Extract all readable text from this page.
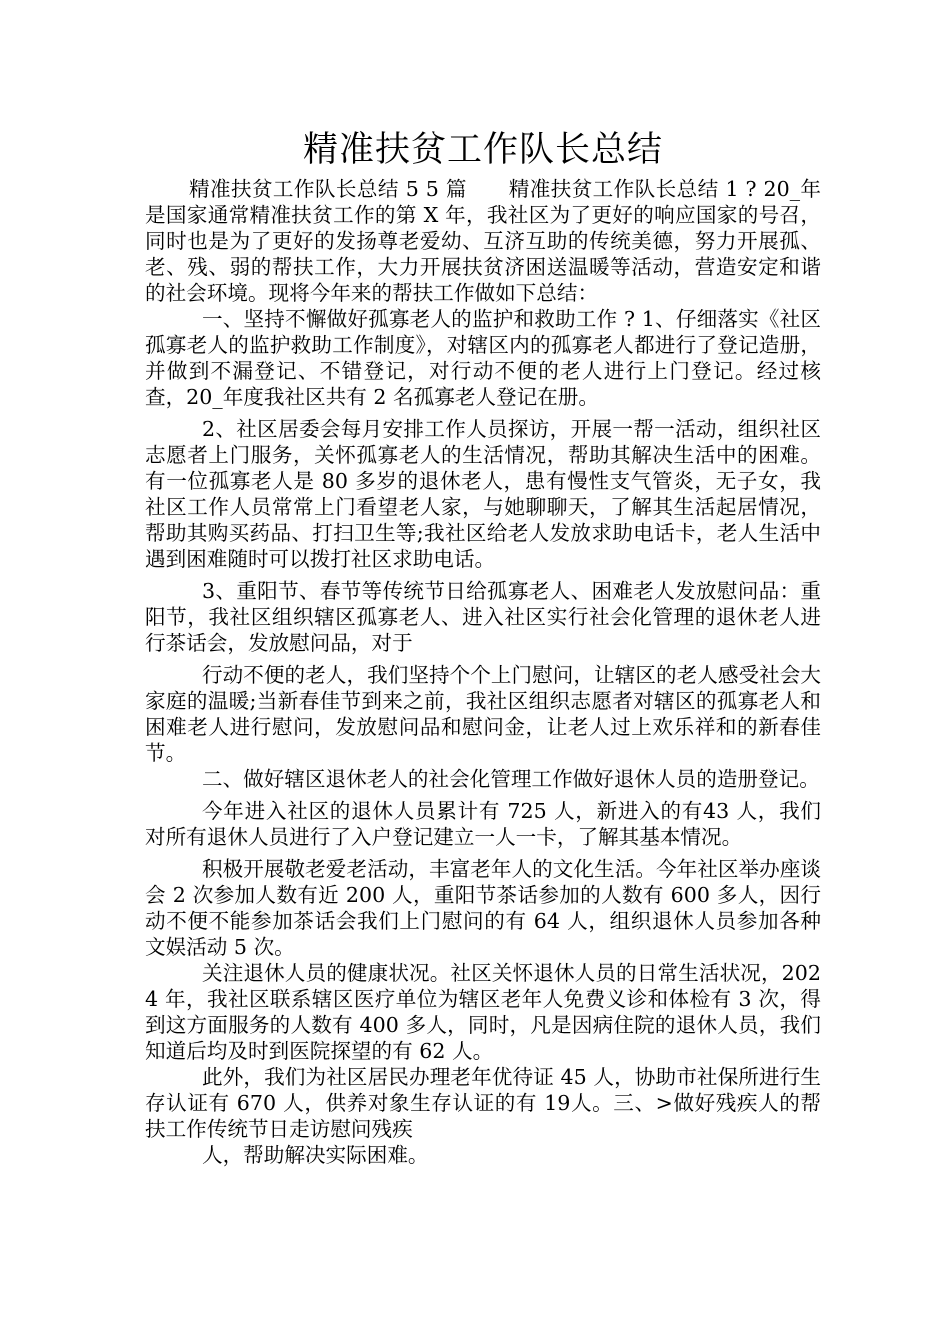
精准扶贫工作队长总结

精准扶贫工作队长总结 5 5 篇　　精准扶贫工作队长总结 1 ? 20_年是国家通常精准扶贫工作的第 X 年，我社区为了更好的响应国家的号召，同时也是为了更好的发扬尊老爱幼、互济互助的传统美德，努力开展孤、老、残、弱的帮扶工作，大力开展扶贫济困送温暖等活动，营造安定和谐的社会环境。现将今年来的帮扶工作做如下总结：

一、坚持不懈做好孤寡老人的监护和救助工作 ? 1、仔细落实《社区孤寡老人的监护救助工作制度》，对辖区内的孤寡老人都进行了登记造册，并做到不漏登记、不错登记，对行动不便的老人进行上门登记。经过核查，20_年度我社区共有 2 名孤寡老人登记在册。

2、社区居委会每月安排工作人员探访，开展一帮一活动，组织社区志愿者上门服务，关怀孤寡老人的生活情况，帮助其解决生活中的困难。有一位孤寡老人是 80 多岁的退休老人，患有慢性支气管炎，无子女，我社区工作人员常常上门看望老人家，与她聊聊天，了解其生活起居情况，帮助其购买药品、打扫卫生等;我社区给老人发放求助电话卡，老人生活中遇到困难随时可以拨打社区求助电话。

3、重阳节、春节等传统节日给孤寡老人、困难老人发放慰问品：重阳节，我社区组织辖区孤寡老人、进入社区实行社会化管理的退休老人进行茶话会，发放慰问品，对于

行动不便的老人，我们坚持个个上门慰问，让辖区的老人感受社会大家庭的温暖;当新春佳节到来之前，我社区组织志愿者对辖区的孤寡老人和困难老人进行慰问，发放慰问品和慰问金，让老人过上欢乐祥和的新春佳节。

二、做好辖区退休老人的社会化管理工作做好退休人员的造册登记。

今年进入社区的退休人员累计有 725 人，新进入的有43 人，我们对所有退休人员进行了入户登记建立一人一卡，了解其基本情况。

积极开展敬老爱老活动，丰富老年人的文化生活。今年社区举办座谈会 2 次参加人数有近 200 人，重阳节茶话参加的人数有 600 多人，因行动不便不能参加茶话会我们上门慰问的有 64 人，组织退休人员参加各种文娱活动 5 次。

关注退休人员的健康状况。社区关怀退休人员的日常生活状况，2024 年，我社区联系辖区医疗单位为辖区老年人免费义诊和体检有 3 次，得到这方面服务的人数有 400 多人，同时，凡是因病住院的退休人员，我们知道后均及时到医院探望的有 62 人。

此外，我们为社区居民办理老年优待证 45 人，协助市社保所进行生存认证有 670 人，供养对象生存认证的有 19人。三、>做好残疾人的帮扶工作传统节日走访慰问残疾

人，帮助解决实际困难。
